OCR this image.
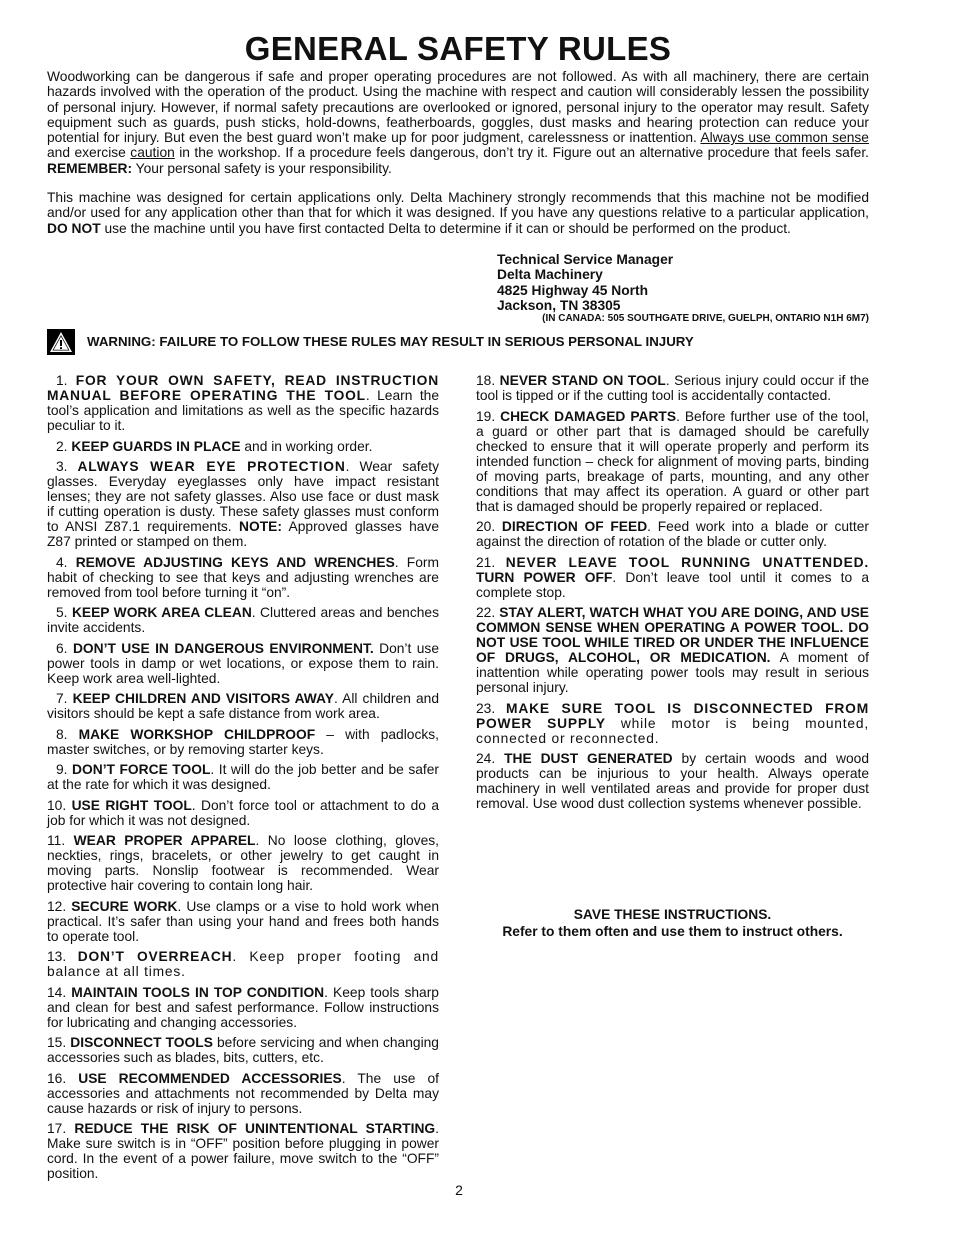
GENERAL SAFETY RULES

Woodworking can be dangerous if safe and proper operating procedures are not followed. As with all machinery, there are certain hazards involved with the operation of the product. Using the machine with respect and caution will considerably lessen the possibility of personal injury. However, if normal safety precautions are overlooked or ignored, personal injury to the operator may result. Safety equipment such as guards, push sticks, hold-downs, featherboards, goggles, dust masks and hearing protection can reduce your potential for injury. But even the best guard won’t make up for poor judgment, carelessness or inattention. Always use common sense and exercise caution in the workshop. If a procedure feels dangerous, don’t try it. Figure out an alternative procedure that feels safer. REMEMBER: Your personal safety is your responsibility.

This machine was designed for certain applications only. Delta Machinery strongly recommends that this machine not be modified and/or used for any application other than that for which it was designed. If you have any questions relative to a particular application, DO NOT use the machine until you have first contacted Delta to determine if it can or should be performed on the product.

Technical Service Manager
Delta Machinery
4825 Highway 45 North
Jackson, TN 38305
(IN CANADA: 505 SOUTHGATE DRIVE, GUELPH, ONTARIO N1H 6M7)
WARNING: FAILURE TO FOLLOW THESE RULES MAY RESULT IN SERIOUS PERSONAL INJURY

1. FOR YOUR OWN SAFETY, READ INSTRUCTION MANUAL BEFORE OPERATING THE TOOL. Learn the tool’s application and limitations as well as the specific hazards peculiar to it.

2. KEEP GUARDS IN PLACE and in working order.

3. ALWAYS WEAR EYE PROTECTION. Wear safety glasses. Everyday eyeglasses only have impact resistant lenses; they are not safety glasses. Also use face or dust mask if cutting operation is dusty. These safety glasses must conform to ANSI Z87.1 requirements. NOTE: Approved glasses have Z87 printed or stamped on them.

4. REMOVE ADJUSTING KEYS AND WRENCHES. Form habit of checking to see that keys and adjusting wrenches are removed from tool before turning it “on”.

5. KEEP WORK AREA CLEAN. Cluttered areas and benches invite accidents.

6. DON’T USE IN DANGEROUS ENVIRONMENT. Don’t use power tools in damp or wet locations, or expose them to rain. Keep work area well-lighted.

7. KEEP CHILDREN AND VISITORS AWAY. All children and visitors should be kept a safe distance from work area.

8. MAKE WORKSHOP CHILDPROOF – with padlocks, master switches, or by removing starter keys.

9. DON’T FORCE TOOL. It will do the job better and be safer at the rate for which it was designed.

10. USE RIGHT TOOL. Don’t force tool or attachment to do a job for which it was not designed.

11. WEAR PROPER APPAREL. No loose clothing, gloves, neckties, rings, bracelets, or other jewelry to get caught in moving parts. Nonslip footwear is recommended. Wear protective hair covering to contain long hair.

12. SECURE WORK. Use clamps or a vise to hold work when practical. It’s safer than using your hand and frees both hands to operate tool.

13. DON’T OVERREACH. Keep proper footing and balance at all times.

14. MAINTAIN TOOLS IN TOP CONDITION. Keep tools sharp and clean for best and safest performance. Follow instructions for lubricating and changing accessories.

15. DISCONNECT TOOLS before servicing and when changing accessories such as blades, bits, cutters, etc.

16. USE RECOMMENDED ACCESSORIES. The use of accessories and attachments not recommended by Delta may cause hazards or risk of injury to persons.

17. REDUCE THE RISK OF UNINTENTIONAL STARTING. Make sure switch is in “OFF” position before plugging in power cord. In the event of a power failure, move switch to the “OFF” position.

18. NEVER STAND ON TOOL. Serious injury could occur if the tool is tipped or if the cutting tool is accidentally contacted.

19. CHECK DAMAGED PARTS. Before further use of the tool, a guard or other part that is damaged should be carefully checked to ensure that it will operate properly and perform its intended function – check for alignment of moving parts, binding of moving parts, breakage of parts, mounting, and any other conditions that may affect its operation. A guard or other part that is damaged should be properly repaired or replaced.

20. DIRECTION OF FEED. Feed work into a blade or cutter against the direction of rotation of the blade or cutter only.

21. NEVER LEAVE TOOL RUNNING UNATTENDED. TURN POWER OFF. Don’t leave tool until it comes to a complete stop.

22. STAY ALERT, WATCH WHAT YOU ARE DOING, AND USE COMMON SENSE WHEN OPERATING A POWER TOOL. DO NOT USE TOOL WHILE TIRED OR UNDER THE INFLUENCE OF DRUGS, ALCOHOL, OR MEDICATION. A moment of inattention while operating power tools may result in serious personal injury.

23. MAKE SURE TOOL IS DISCONNECTED FROM POWER SUPPLY while motor is being mounted, connected or reconnected.

24. THE DUST GENERATED by certain woods and wood products can be injurious to your health. Always operate machinery in well ventilated areas and provide for proper dust removal. Use wood dust collection systems whenever possible.

SAVE THESE INSTRUCTIONS.
Refer to them often and use them to instruct others.
2
